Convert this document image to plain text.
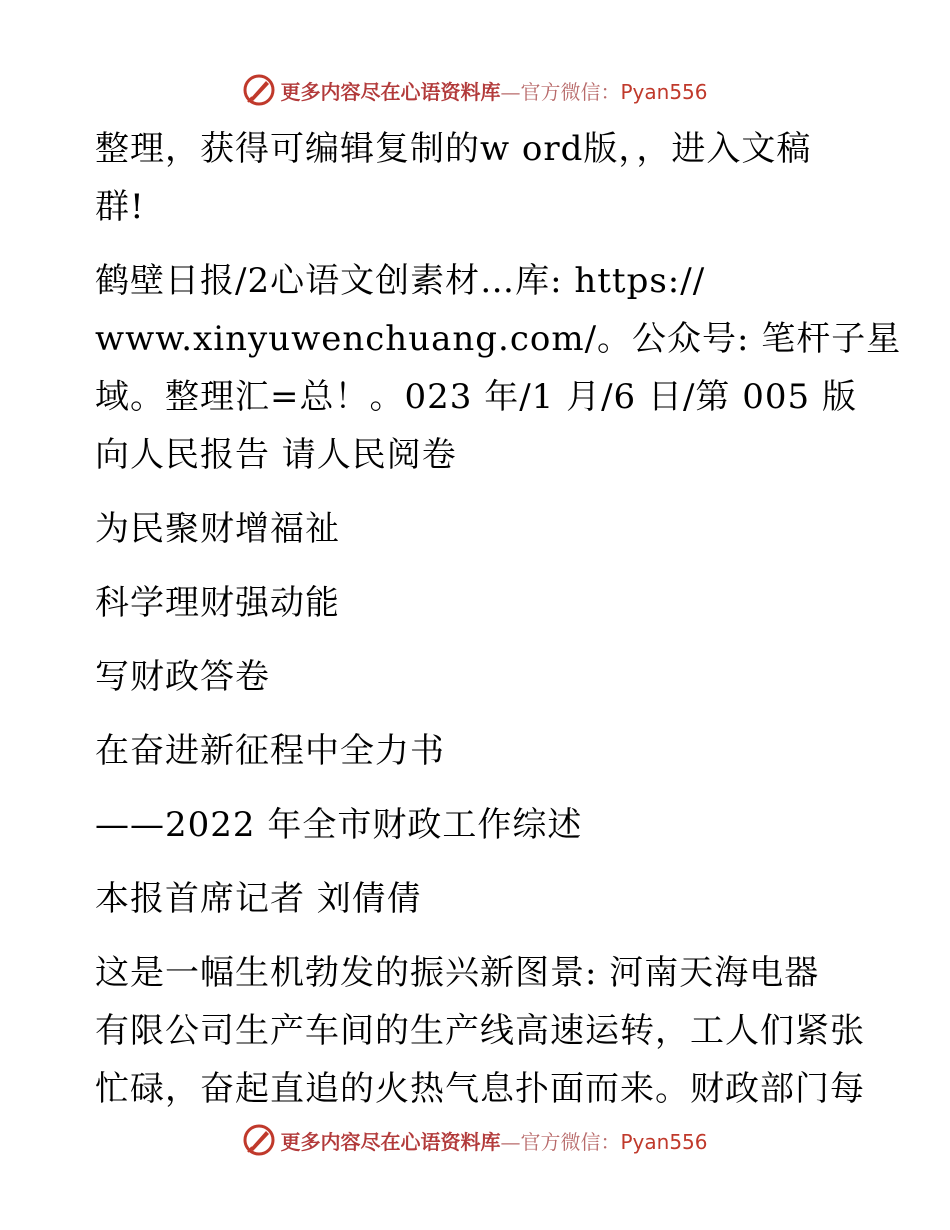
更多内容尽在心语资料库—官方微信：Pyan556
整理，获得可编辑复制的w ord版，，进入文稿
群!
鹤壁日报/2心语文创素材…库: https://
www.xinyuwenchuang.com/。公众号: 笔杆子星
域。整理汇=总！。023 年/1 月/6 日/第 005 版
向人民报告 请人民阅卷
为民聚财增福祉
科学理财强动能
写财政答卷
在奋进新征程中全力书
——2022 年全市财政工作综述
本报首席记者 刘倩倩
这是一幅生机勃发的振兴新图景: 河南天海电器
有限公司生产车间的生产线高速运转，工人们紧张
忙碌，奋起直追的火热气息扑面而来。财政部门每
更多内容尽在心语资料库—官方微信：Pyan556
